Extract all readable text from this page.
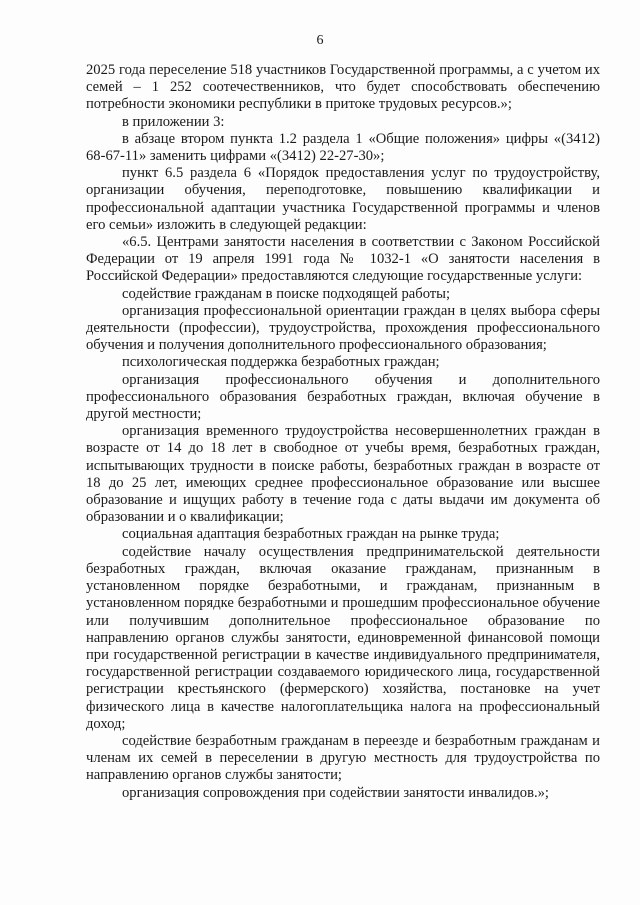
6

2025 года переселение 518 участников Государственной программы, а с учетом их семей – 1 252 соотечественников, что будет способствовать обеспечению потребности экономики республики в притоке трудовых ресурсов.»;

в приложении 3:

в абзаце втором пункта 1.2 раздела 1 «Общие положения» цифры «(3412) 68-67-11» заменить цифрами «(3412) 22-27-30»;

пункт 6.5 раздела 6 «Порядок предоставления услуг по трудоустройству, организации обучения, переподготовке, повышению квалификации и профессиональной адаптации участника Государственной программы и членов его семьи» изложить в следующей редакции:

«6.5. Центрами занятости населения в соответствии с Законом Российской Федерации от 19 апреля 1991 года № 1032-1 «О занятости населения в Российской Федерации» предоставляются следующие государственные услуги:

содействие гражданам в поиске подходящей работы;

организация профессиональной ориентации граждан в целях выбора сферы деятельности (профессии), трудоустройства, прохождения профессионального обучения и получения дополнительного профессионального образования;

психологическая поддержка безработных граждан;

организация профессионального обучения и дополнительного профессионального образования безработных граждан, включая обучение в другой местности;

организация временного трудоустройства несовершеннолетних граждан в возрасте от 14 до 18 лет в свободное от учебы время, безработных граждан, испытывающих трудности в поиске работы, безработных граждан в возрасте от 18 до 25 лет, имеющих среднее профессиональное образование или высшее образование и ищущих работу в течение года с даты выдачи им документа об образовании и о квалификации;

социальная адаптация безработных граждан на рынке труда;

содействие началу осуществления предпринимательской деятельности безработных граждан, включая оказание гражданам, признанным в установленном порядке безработными, и гражданам, признанным в установленном порядке безработными и прошедшим профессиональное обучение или получившим дополнительное профессиональное образование по направлению органов службы занятости, единовременной финансовой помощи при государственной регистрации в качестве индивидуального предпринимателя, государственной регистрации создаваемого юридического лица, государственной регистрации крестьянского (фермерского) хозяйства, постановке на учет физического лица в качестве налогоплательщика налога на профессиональный доход;

содействие безработным гражданам в переезде и безработным гражданам и членам их семей в переселении в другую местность для трудоустройства по направлению органов службы занятости;

организация сопровождения при содействии занятости инвалидов.»;
